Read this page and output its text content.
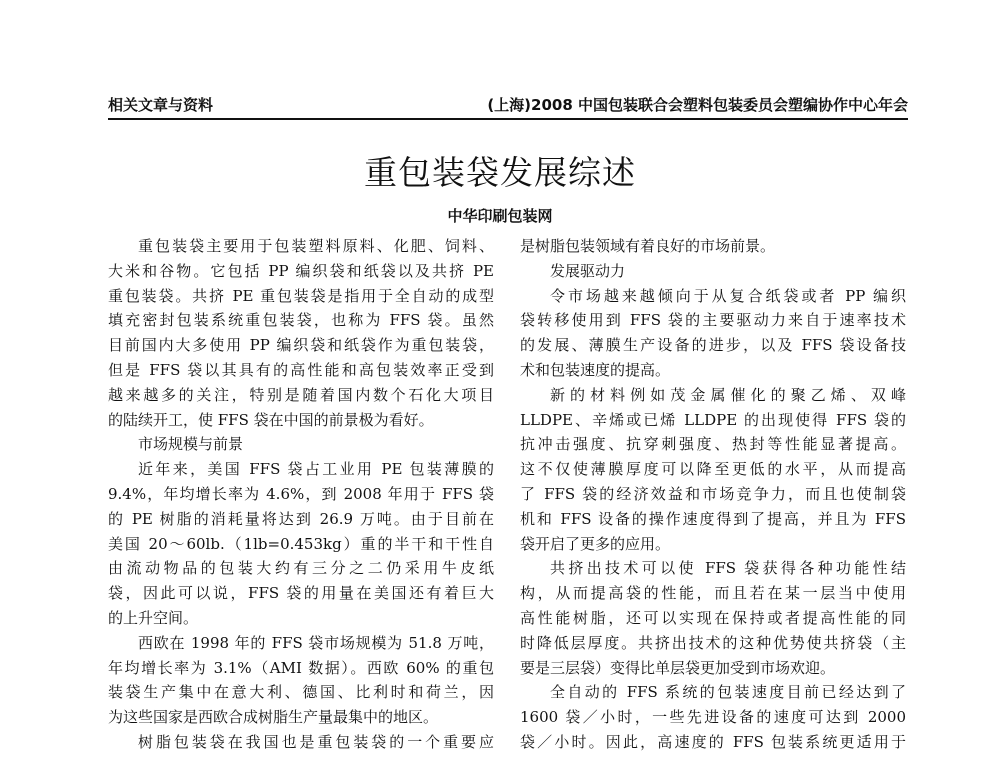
相关文章与资料	(上海)2008 中国包装联合会塑料包装委员会塑编协作中心年会
重包装袋发展综述
中华印刷包装网
重包装袋主要用于包装塑料原料、化肥、饲料、
大米和谷物。它包括 PP 编织袋和纸袋以及共挤 PE
重包装袋。共挤 PE 重包装袋是指用于全自动的成型
填充密封包装系统重包装袋，也称为 FFS 袋。虽然
目前国内大多使用 PP 编织袋和纸袋作为重包装袋，
但是 FFS 袋以其具有的高性能和高包装效率正受到
越来越多的关注，特别是随着国内数个石化大项目
的陆续开工，使 FFS 袋在中国的前景极为看好。
市场规模与前景
近年来，美国 FFS 袋占工业用 PE 包装薄膜的
9.4%，年均增长率为 4.6%，到 2008 年用于 FFS 袋
的 PE 树脂的消耗量将达到 26.9 万吨。由于目前在
美国 20～60lb.（1lb=0.453kg）重的半干和干性自
由流动物品的包装大约有三分之二仍采用牛皮纸
袋，因此可以说，FFS 袋的用量在美国还有着巨大
的上升空间。
西欧在 1998 年的 FFS 袋市场规模为 51.8 万吨，
年均增长率为 3.1%（AMI 数据）。西欧 60% 的重包
装袋生产集中在意大利、德国、比利时和荷兰，因
为这些国家是西欧合成树脂生产量最集中的地区。
树脂包装袋在我国也是重包装袋的一个重要应
是树脂包装领域有着良好的市场前景。
发展驱动力
令市场越来越倾向于从复合纸袋或者 PP 编织
袋转移使用到 FFS 袋的主要驱动力来自于速率技术
的发展、薄膜生产设备的进步，以及 FFS 袋设备技
术和包装速度的提高。
新的材料例如茂金属催化的聚乙烯、双峰
LLDPE、辛烯或已烯 LLDPE 的出现使得 FFS 袋的
抗冲击强度、抗穿刺强度、热封等性能显著提高。
这不仅使薄膜厚度可以降至更低的水平，从而提高
了 FFS 袋的经济效益和市场竞争力，而且也使制袋
机和 FFS 设备的操作速度得到了提高，并且为 FFS
袋开启了更多的应用。
共挤出技术可以使 FFS 袋获得各种功能性结
构，从而提高袋的性能，而且若在某一层当中使用
高性能树脂，还可以实现在保持或者提高性能的同
时降低层厚度。共挤出技术的这种优势使共挤袋（主
要是三层袋）变得比单层袋更加受到市场欢迎。
全自动的 FFS 系统的包装速度目前已经达到了
1600 袋／小时，一些先进设备的速度可达到 2000
袋／小时。因此，高速度的 FFS 包装系统更适用于
